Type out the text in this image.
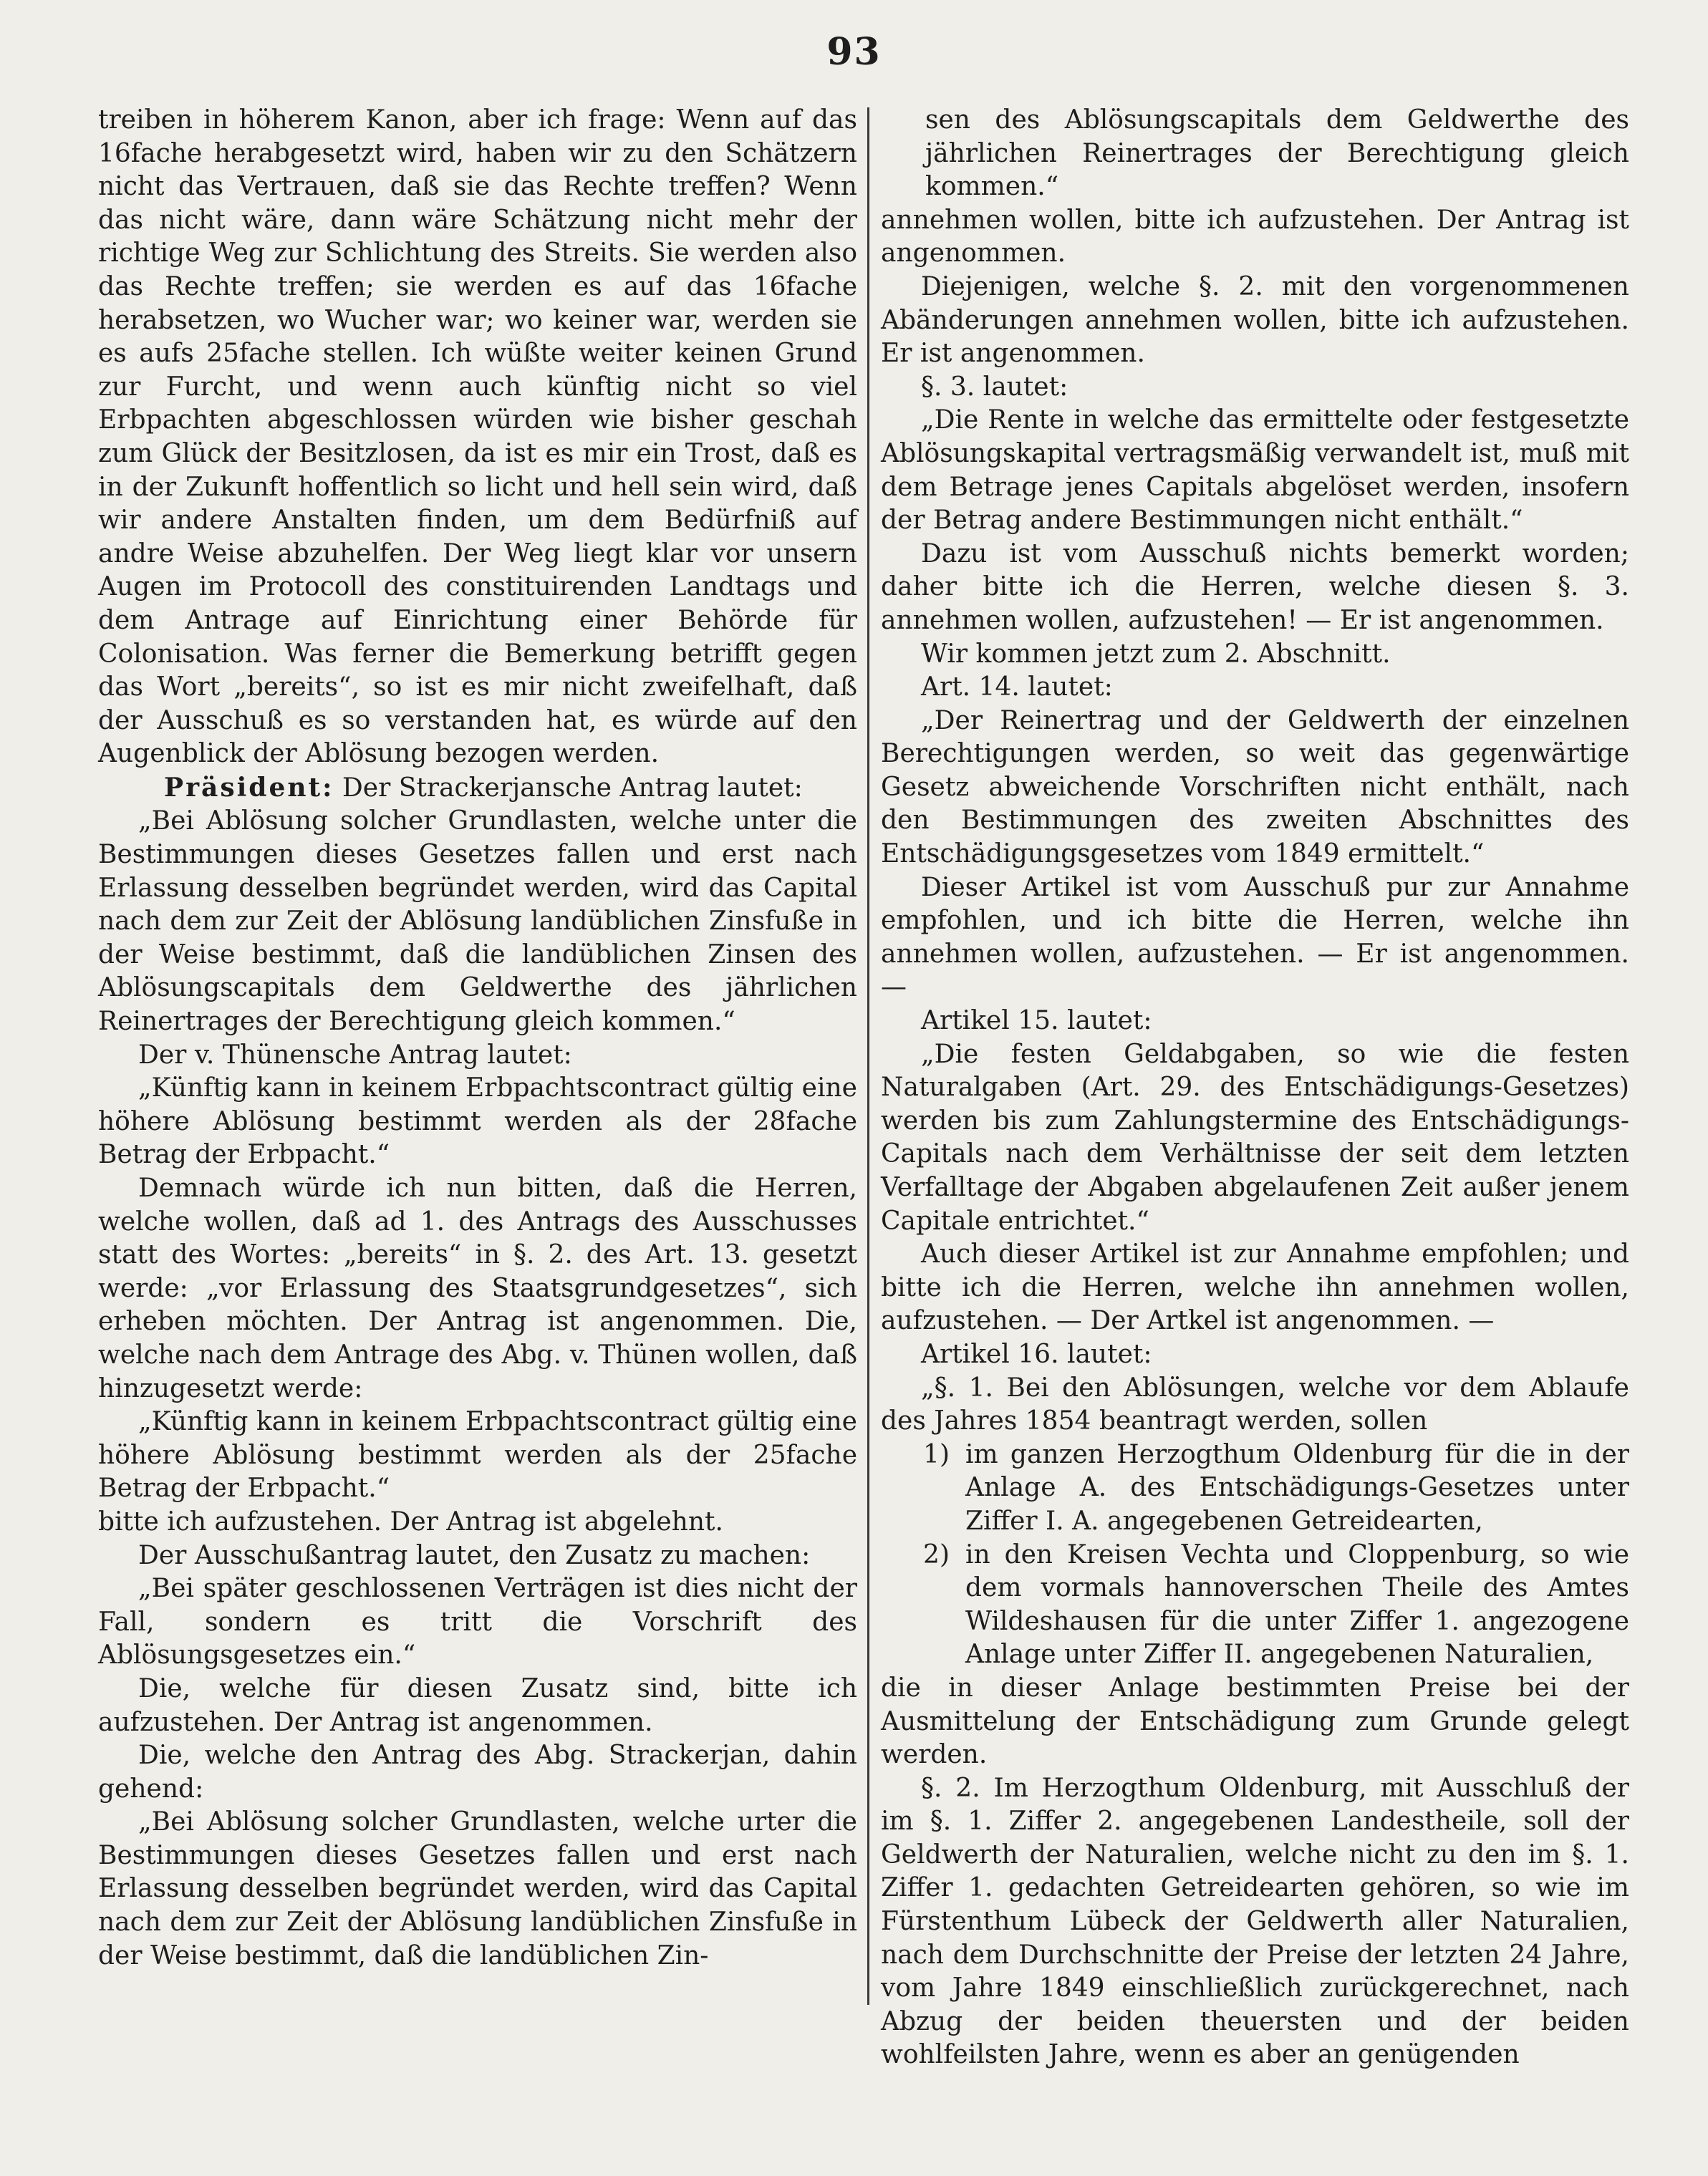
93

treiben in höherem Kanon, aber ich frage: Wenn auf das 16fache herabgesetzt wird, haben wir zu den Schätzern nicht das Vertrauen, daß sie das Rechte treffen? Wenn das nicht wäre, dann wäre Schätzung nicht mehr der richtige Weg zur Schlichtung des Streits. Sie werden also das Rechte treffen; sie werden es auf das 16fache herabsetzen, wo Wucher war; wo keiner war, werden sie es aufs 25fache stellen. Ich wüßte weiter keinen Grund zur Furcht, und wenn auch künftig nicht so viel Erbpachten abgeschlossen würden wie bisher geschah zum Glück der Besitzlosen, da ist es mir ein Trost, daß es in der Zukunft hoffentlich so licht und hell sein wird, daß wir andere Anstalten finden, um dem Bedürfniß auf andre Weise abzuhelfen. Der Weg liegt klar vor unsern Augen im Protocoll des constituirenden Landtags und dem Antrage auf Einrichtung einer Behörde für Colonisation. Was ferner die Bemerkung betrifft gegen das Wort „bereits“, so ist es mir nicht zweifelhaft, daß der Ausschuß es so verstanden hat, es würde auf den Augenblick der Ablösung bezogen werden.

Präsident: Der Strackerjansche Antrag lautet:

„Bei Ablösung solcher Grundlasten, welche unter die Bestimmungen dieses Gesetzes fallen und erst nach Erlassung desselben begründet werden, wird das Capital nach dem zur Zeit der Ablösung landüblichen Zinsfuße in der Weise bestimmt, daß die landüblichen Zinsen des Ablösungscapitals dem Geldwerthe des jährlichen Reinertrages der Berechtigung gleich kommen.“

Der v. Thünensche Antrag lautet:

„Künftig kann in keinem Erbpachtscontract gültig eine höhere Ablösung bestimmt werden als der 28fache Betrag der Erbpacht.“

Demnach würde ich nun bitten, daß die Herren, welche wollen, daß ad 1. des Antrags des Ausschusses statt des Wortes: „bereits“ in §. 2. des Art. 13. gesetzt werde: „vor Erlassung des Staatsgrundgesetzes“, sich erheben möchten. Der Antrag ist angenommen. Die, welche nach dem Antrage des Abg. v. Thünen wollen, daß hinzugesetzt werde:

„Künftig kann in keinem Erbpachtscontract gültig eine höhere Ablösung bestimmt werden als der 25fache Betrag der Erbpacht.“

bitte ich aufzustehen. Der Antrag ist abgelehnt.

Der Ausschußantrag lautet, den Zusatz zu machen:

„Bei später geschlossenen Verträgen ist dies nicht der Fall, sondern es tritt die Vorschrift des Ablösungsgesetzes ein.“

Die, welche für diesen Zusatz sind, bitte ich aufzustehen. Der Antrag ist angenommen.

Die, welche den Antrag des Abg. Strackerjan, dahin gehend:

„Bei Ablösung solcher Grundlasten, welche urter die Bestimmungen dieses Gesetzes fallen und erst nach Erlassung desselben begründet werden, wird das Capital nach dem zur Zeit der Ablösung landüblichen Zinsfuße in der Weise bestimmt, daß die landüblichen Zin-

sen des Ablösungscapitals dem Geldwerthe des jährlichen Reinertrages der Berechtigung gleich kommen.“

annehmen wollen, bitte ich aufzustehen. Der Antrag ist angenommen.

Diejenigen, welche §. 2. mit den vorgenommenen Abänderungen annehmen wollen, bitte ich aufzustehen. Er ist angenommen.

§. 3. lautet:

„Die Rente in welche das ermittelte oder festgesetzte Ablösungskapital vertragsmäßig verwandelt ist, muß mit dem Betrage jenes Capitals abgelöset werden, insofern der Betrag andere Bestimmungen nicht enthält.“

Dazu ist vom Ausschuß nichts bemerkt worden; daher bitte ich die Herren, welche diesen §. 3. annehmen wollen, aufzustehen! — Er ist angenommen.

Wir kommen jetzt zum 2. Abschnitt.

Art. 14. lautet:

„Der Reinertrag und der Geldwerth der einzelnen Berechtigungen werden, so weit das gegenwärtige Gesetz abweichende Vorschriften nicht enthält, nach den Bestimmungen des zweiten Abschnittes des Entschädigungsgesetzes vom 1849 ermittelt.“

Dieser Artikel ist vom Ausschuß pur zur Annahme empfohlen, und ich bitte die Herren, welche ihn annehmen wollen, aufzustehen. — Er ist angenommen. —

Artikel 15. lautet:

„Die festen Geldabgaben, so wie die festen Naturalgaben (Art. 29. des Entschädigungs-Gesetzes) werden bis zum Zahlungstermine des Entschädigungs-Capitals nach dem Verhältnisse der seit dem letzten Verfalltage der Abgaben abgelaufenen Zeit außer jenem Capitale entrichtet.“

Auch dieser Artikel ist zur Annahme empfohlen; und bitte ich die Herren, welche ihn annehmen wollen, aufzustehen. — Der Artkel ist angenommen. —

Artikel 16. lautet:

„§. 1. Bei den Ablösungen, welche vor dem Ablaufe des Jahres 1854 beantragt werden, sollen

1) im ganzen Herzogthum Oldenburg für die in der Anlage A. des Entschädigungs-Gesetzes unter Ziffer I. A. angegebenen Getreidearten,
2) in den Kreisen Vechta und Cloppenburg, so wie dem vormals hannoverschen Theile des Amtes Wildeshausen für die unter Ziffer 1. angezogene Anlage unter Ziffer II. angegebenen Naturalien,

die in dieser Anlage bestimmten Preise bei der Ausmittelung der Entschädigung zum Grunde gelegt werden.

§. 2. Im Herzogthum Oldenburg, mit Ausschluß der im §. 1. Ziffer 2. angegebenen Landestheile, soll der Geldwerth der Naturalien, welche nicht zu den im §. 1. Ziffer 1. gedachten Getreidearten gehören, so wie im Fürstenthum Lübeck der Geldwerth aller Naturalien, nach dem Durchschnitte der Preise der letzten 24 Jahre, vom Jahre 1849 einschließlich zurückgerechnet, nach Abzug der beiden theuersten und der beiden wohlfeilsten Jahre, wenn es aber an genügenden
